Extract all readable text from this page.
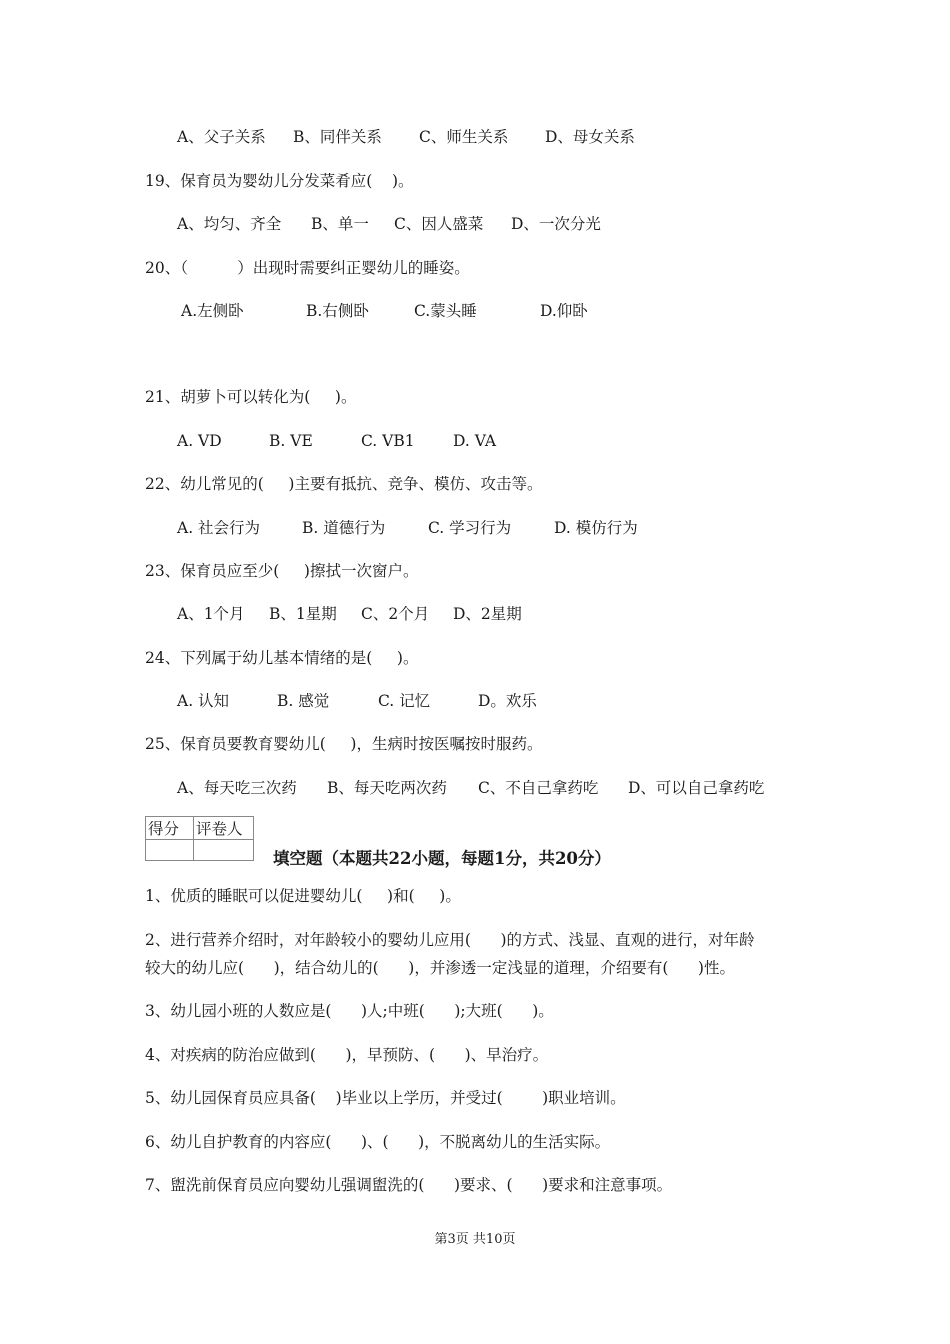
A、父子关系 B、同伴关系 C、师生关系 D、母女关系
19、保育员为婴幼儿分发菜肴应(    )。
A、均匀、齐全 B、单一 C、因人盛菜 D、一次分光
20、（          ）出现时需要纠正婴幼儿的睡姿。
A.左侧卧	B.右侧卧	C.蒙头睡	D.仰卧
21、胡萝卜可以转化为(     )。
A. VD	B. VE	C. VB1 D. VA
22、幼儿常见的(     )主要有抵抗、竞争、模仿、攻击等。
A. 社会行为	B. 道德行为	C. 学习行为	D. 模仿行为
23、保育员应至少(     )擦拭一次窗户。
A、1个月 B、1星期 C、2个月 D、2星期
24、下列属于幼儿基本情绪的是(     )。
A. 认知	B. 感觉	C. 记忆	D。欢乐
25、保育员要教育婴幼儿(     )，生病时按医嘱按时服药。
A、每天吃三次药 B、每天吃两次药 C、不自己拿药吃 D、可以自己拿药吃
得分	评卷人

填空题（本题共22小题，每题1分，共20分）
1、优质的睡眠可以促进婴幼儿(     )和(     )。
2、进行营养介绍时，对年龄较小的婴幼儿应用(      )的方式、浅显、直观的进行，对年龄
较大的幼儿应(      )，结合幼儿的(      )，并渗透一定浅显的道理，介绍要有(      )性。
3、幼儿园小班的人数应是(      )人;中班(      );大班(      )。
4、对疾病的防治应做到(      )，早预防、(      )、早治疗。
5、幼儿园保育员应具备(    )毕业以上学历，并受过(        )职业培训。
6、幼儿自护教育的内容应(      )、(      )，不脱离幼儿的生活实际。
7、盥洗前保育员应向婴幼儿强调盥洗的(      )要求、(      )要求和注意事项。
第3页 共10页
